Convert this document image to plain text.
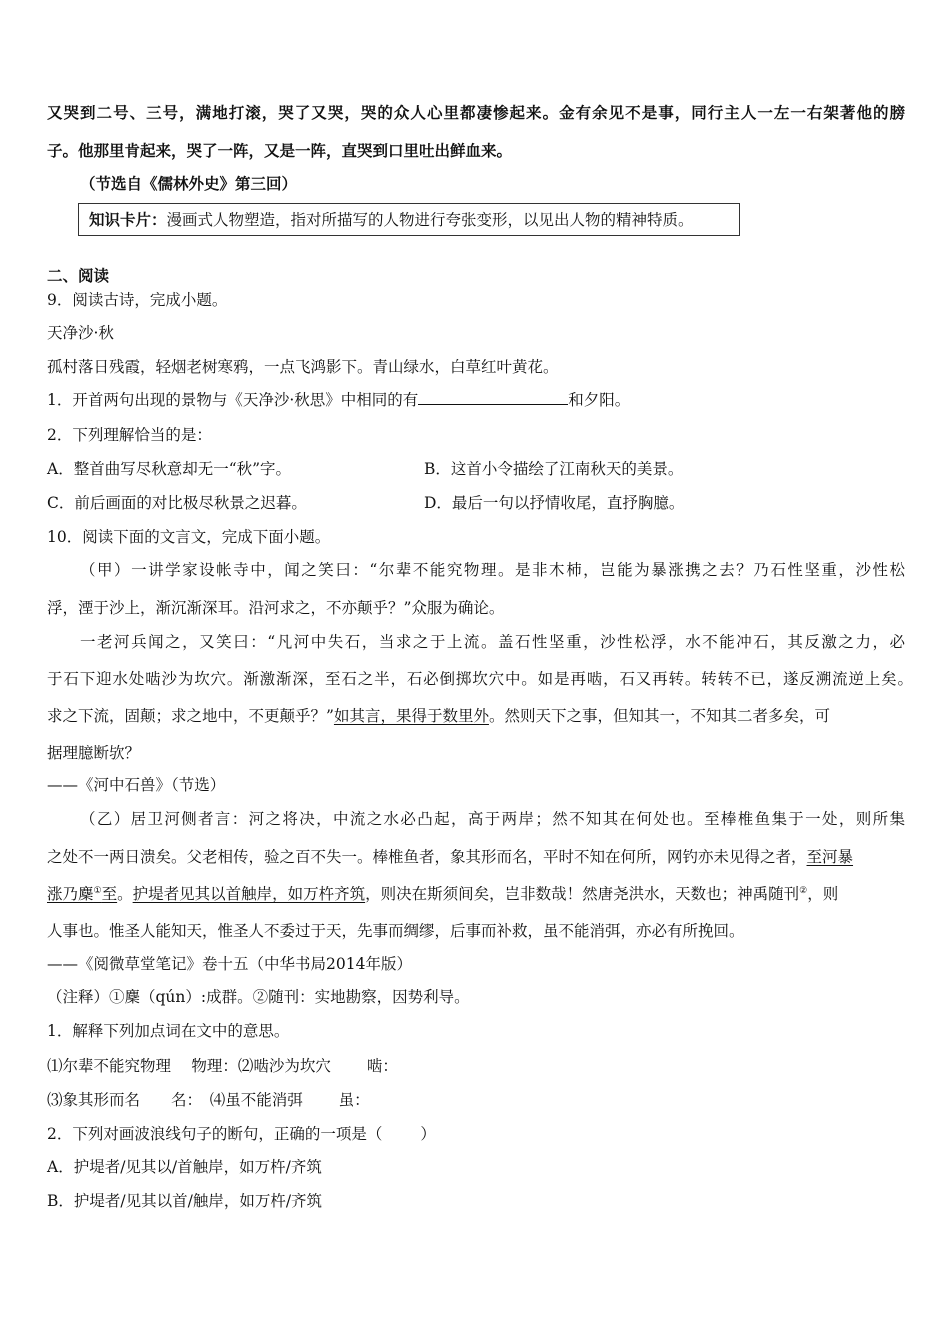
又哭到二号、三号，满地打滚，哭了又哭，哭的众人心里都凄惨起来。金有余见不是事，同行主人一左一右架著他的膀
子。他那里肯起来，哭了一阵，又是一阵，直哭到口里吐出鲜血来。
（节选自《儒林外史》第三回）
知识卡片：漫画式人物塑造，指对所描写的人物进行夸张变形，以见出人物的精神特质。
二、阅读
9．阅读古诗，完成小题。
天净沙·秋
孤村落日残霞，轻烟老树寒鸦，一点飞鸿影下。青山绿水，白草红叶黄花。
1．开首两句出现的景物与《天净沙·秋思》中相同的有	和夕阳。
2．下列理解恰当的是：
A．整首曲写尽秋意却无一“秋”字。	B．这首小令描绘了江南秋天的美景。
C．前后画面的对比极尽秋景之迟暮。	D．最后一句以抒情收尾，直抒胸臆。
10．阅读下面的文言文，完成下面小题。
（甲）一讲学家设帐寺中，闻之笑曰：“尔辈不能究物理。是非木杮，岂能为暴涨携之去？乃石性坚重，沙性松
浮，湮于沙上，渐沉渐深耳。沿河求之，不亦颠乎？”众服为确论。
一老河兵闻之，又笑曰：“凡河中失石，当求之于上流。盖石性坚重，沙性松浮，水不能冲石，其反激之力，必
于石下迎水处啮沙为坎穴。渐激渐深，至石之半，石必倒掷坎穴中。如是再啮，石又再转。转转不已，遂反溯流逆上矣。
求之下流，固颠；求之地中，不更颠乎？”如其言，果得于数里外。然则天下之事，但知其一，不知其二者多矣，可
据理臆断欤？
——《河中石兽》（节选）
（乙）居卫河侧者言：河之将决，中流之水必凸起，高于两岸；然不知其在何处也。至棒椎鱼集于一处，则所集
之处不一两日溃矣。父老相传，验之百不失一。棒椎鱼者，象其形而名，平时不知在何所，网钓亦未见得之者，至河暴
涨乃麇①至。护堤者见其以首触岸，如万杵齐筑，则决在斯须间矣，岂非数哉！然唐尧洪水，天数也；神禹随刊②，则
人事也。惟圣人能知天，惟圣人不委过于天，先事而绸缪，后事而补救，虽不能消弭，亦必有所挽回。
——《阅微草堂笔记》卷十五（中华书局2014年版）
（注释）①麇（qún）:成群。②随刊：实地勘察，因势利导。
1．解释下列加点词在文中的意思。
⑴尔辈不能究物理　 物理：⑵啮沙为坎穴　　 啮：
⑶象其形而名　　名：　⑷虽不能消弭　　 虽：
2．下列对画波浪线句子的断句，正确的一项是（ ）
A．护堤者/见其以/首触岸，如万杵/齐筑
B．护堤者/见其以首/触岸，如万杵/齐筑
